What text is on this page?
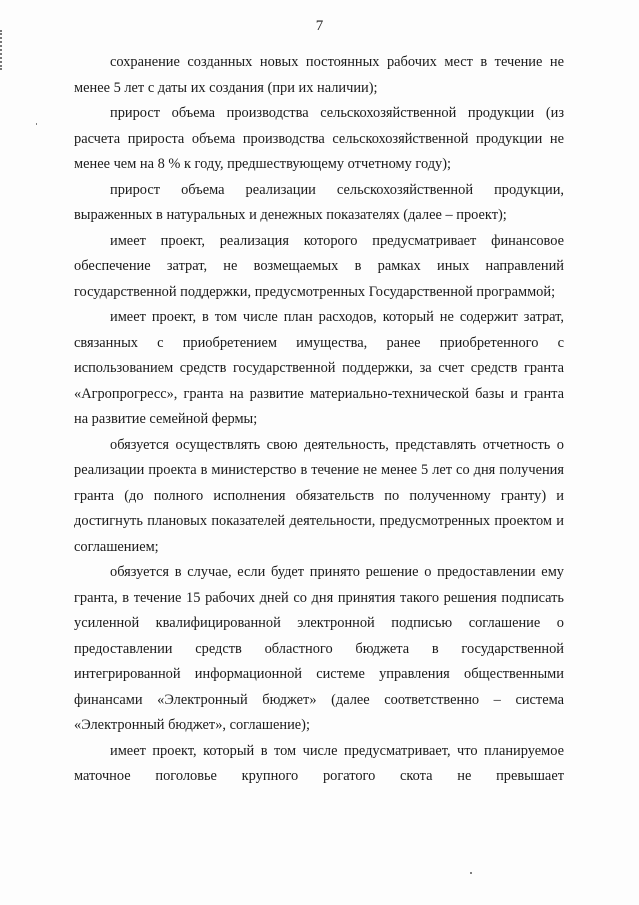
7

сохранение созданных новых постоянных рабочих мест в течение не менее 5 лет с даты их создания (при их наличии);

прирост объема производства сельскохозяйственной продукции (из расчета прироста объема производства сельскохозяйственной продукции не менее чем на 8 % к году, предшествующему отчетному году);

прирост объема реализации сельскохозяйственной продукции, выраженных в натуральных и денежных показателях (далее – проект);

имеет проект, реализация которого предусматривает финансовое обеспечение затрат, не возмещаемых в рамках иных направлений государственной поддержки, предусмотренных Государственной программой;

имеет проект, в том числе план расходов, который не содержит затрат, связанных с приобретением имущества, ранее приобретенного с использованием средств государственной поддержки, за счет средств гранта «Агропрогресс», гранта на развитие материально-технической базы и гранта на развитие семейной фермы;

обязуется осуществлять свою деятельность, представлять отчетность о реализации проекта в министерство в течение не менее 5 лет со дня получения гранта (до полного исполнения обязательств по полученному гранту) и достигнуть плановых показателей деятельности, предусмотренных проектом и соглашением;

обязуется в случае, если будет принято решение о предоставлении ему гранта, в течение 15 рабочих дней со дня принятия такого решения подписать усиленной квалифицированной электронной подписью соглашение о предоставлении средств областного бюджета в государственной интегрированной информационной системе управления общественными финансами «Электронный бюджет» (далее соответственно – система «Электронный бюджет», соглашение);

имеет проект, который в том числе предусматривает, что планируемое маточное поголовье крупного рогатого скота не превышает
